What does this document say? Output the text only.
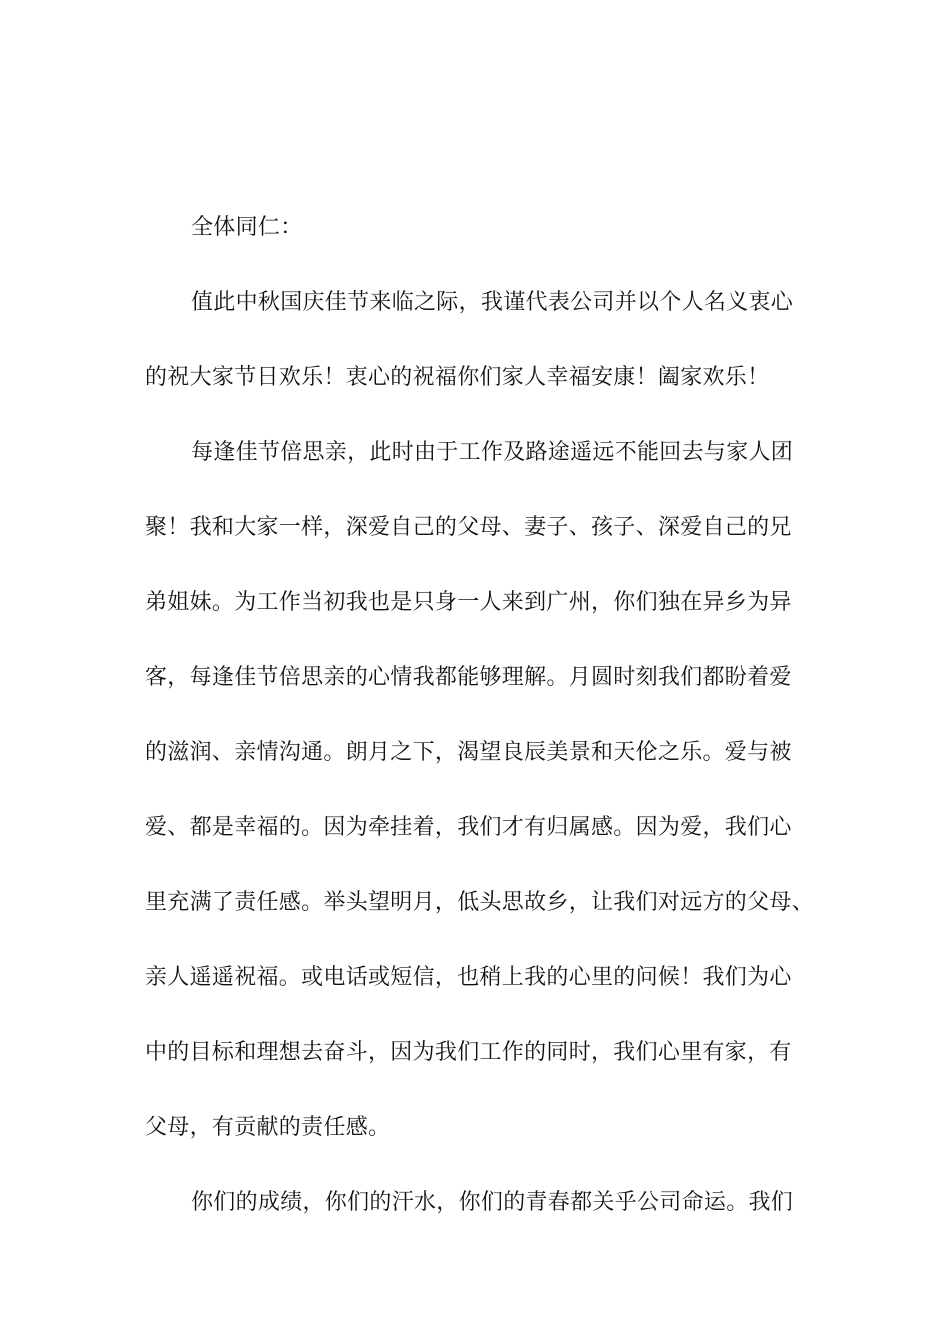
全体同仁：
值此中秋国庆佳节来临之际，我谨代表公司并以个人名义衷心
的祝大家节日欢乐！衷心的祝福你们家人幸福安康！阖家欢乐！
每逢佳节倍思亲，此时由于工作及路途遥远不能回去与家人团
聚！我和大家一样，深爱自己的父母、妻子、孩子、深爱自己的兄
弟姐妹。为工作当初我也是只身一人来到广州，你们独在异乡为异
客，每逢佳节倍思亲的心情我都能够理解。月圆时刻我们都盼着爱
的滋润、亲情沟通。朗月之下，渴望良辰美景和天伦之乐。爱与被
爱、都是幸福的。因为牵挂着，我们才有归属感。因为爱，我们心
里充满了责任感。举头望明月，低头思故乡，让我们对远方的父母、
亲人遥遥祝福。或电话或短信，也稍上我的心里的问候！我们为心
中的目标和理想去奋斗，因为我们工作的同时，我们心里有家，有
父母，有贡献的责任感。
你们的成绩，你们的汗水，你们的青春都关乎公司命运。我们
